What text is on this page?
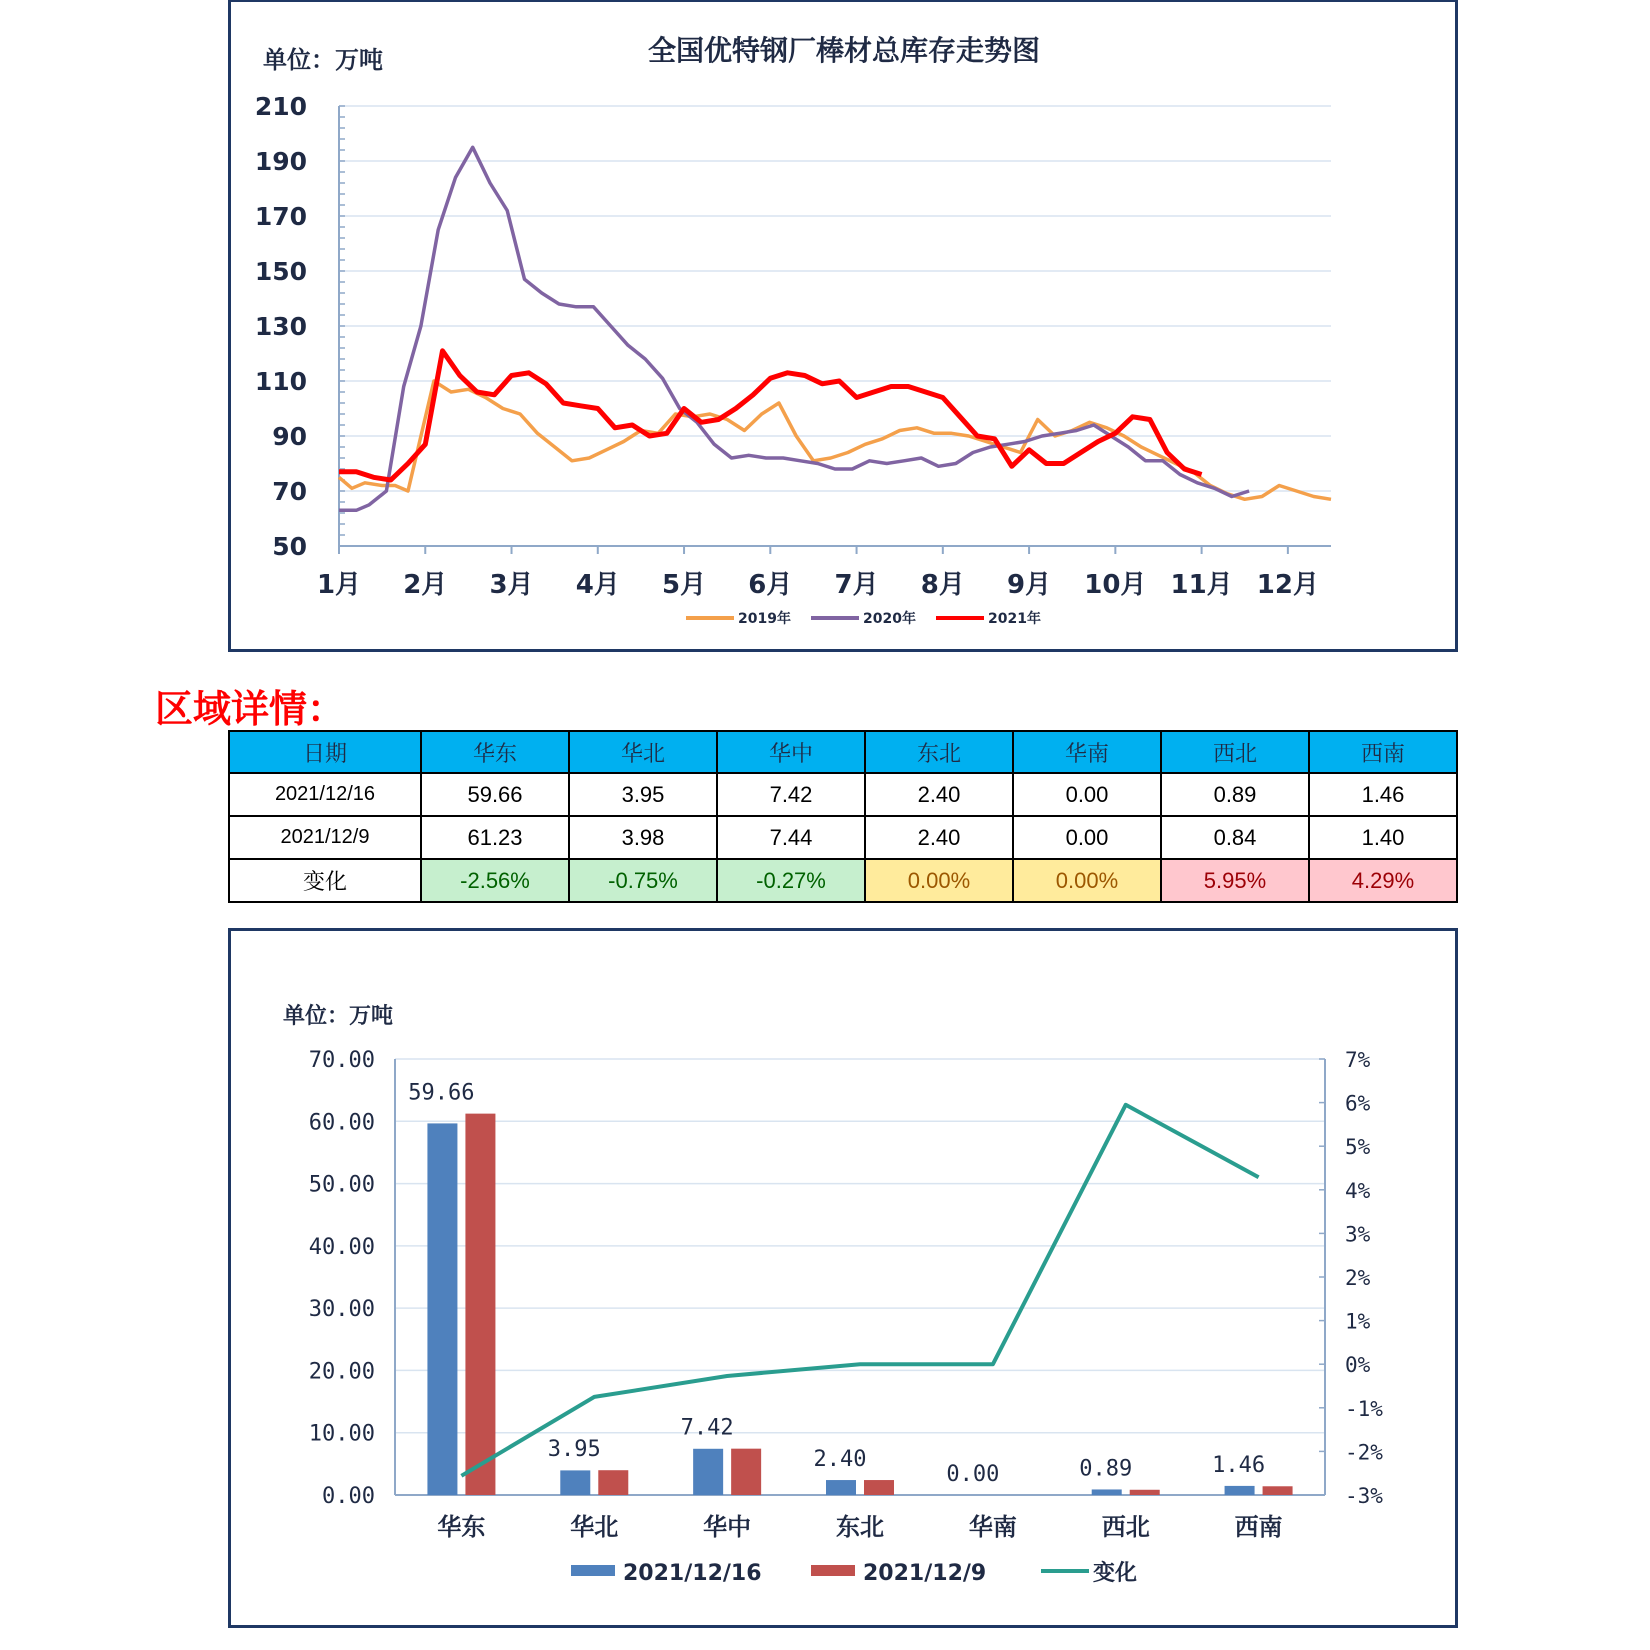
全国优特钢厂棒材总库存走势图
单位：万吨
50
70
90
110
130
150
170
190
210
1月 2月 3月 4月 5月 6月 7月 8月 9月 10月 11月 12月
2019年	2020年	2021年
区域详情：
日期	华东	华北	华中	东北	华南	西北	西南
2021/12/16	59.66	3.95	7.42	2.40	0.00	0.89	1.46
2021/12/9	61.23	3.98	7.44	2.40	0.00	0.84	1.40
变化	-2.56%	-0.75%	-0.27%	0.00%	0.00%	5.95%	4.29%
单位：万吨
0.00
10.00
20.00
30.00
40.00
50.00
60.00
70.00
-3%
-2%
-1%
0%
1%
2%
3%
4%
5%
6%
7%
59.66
华东
3.95
华北
7.42
华中
2.40
东北
0.00
华南
0.89
西北
1.46
西南
2021/12/16	2021/12/9	变化
